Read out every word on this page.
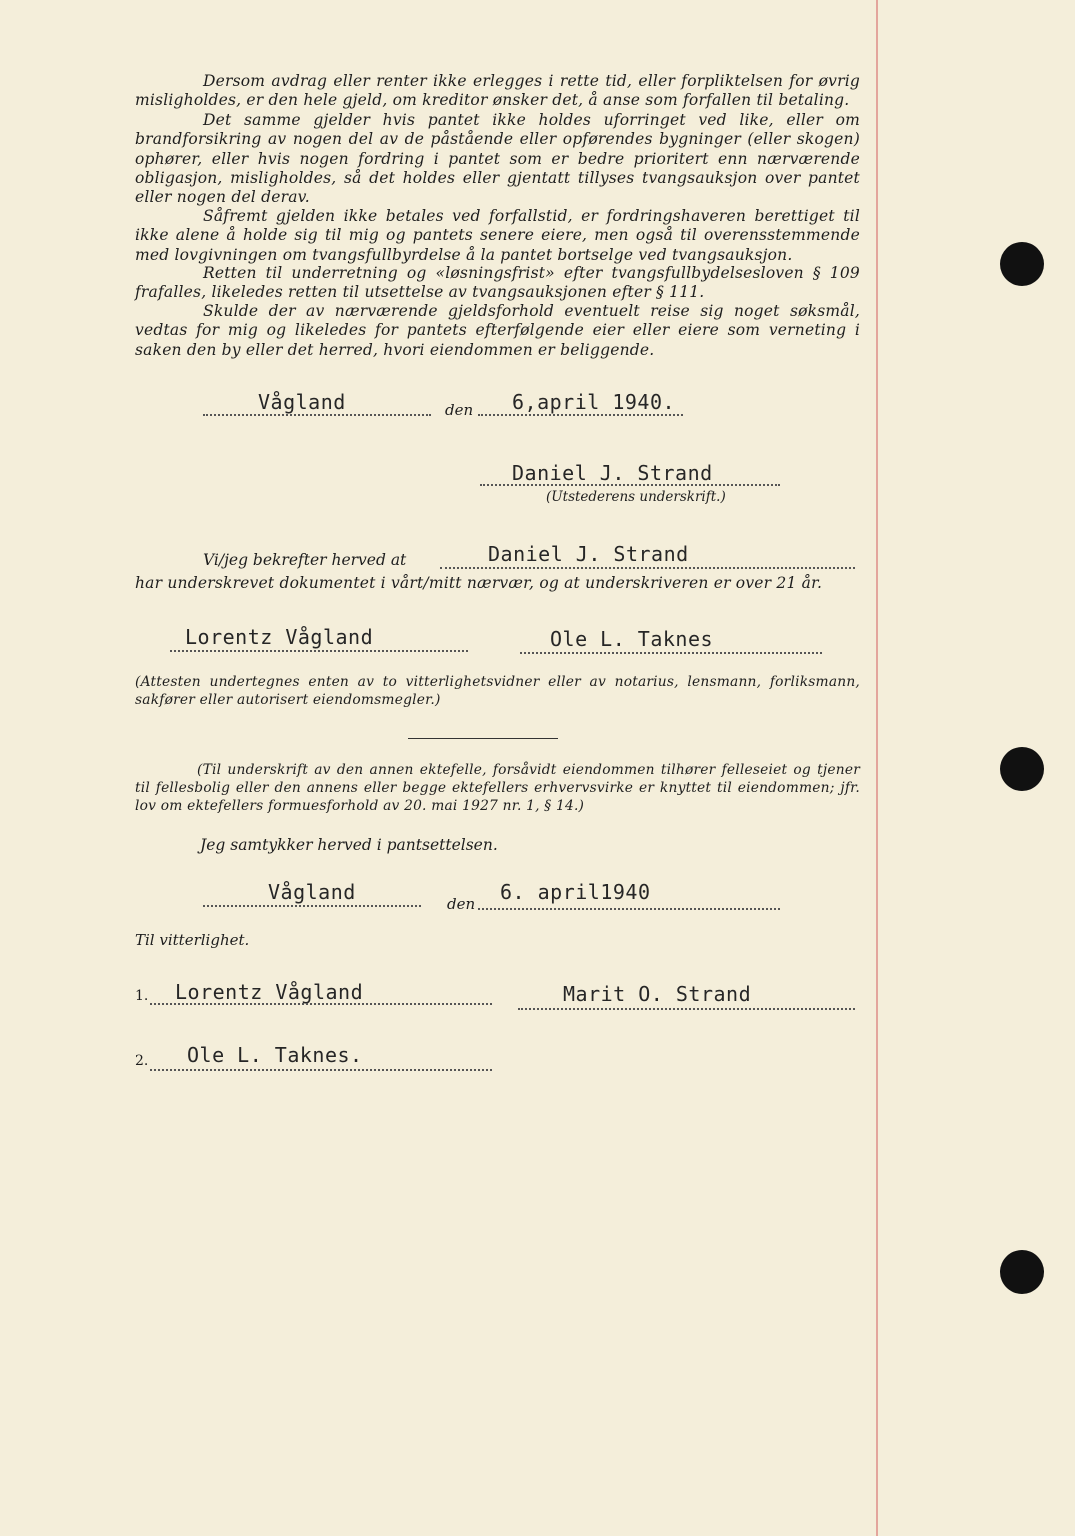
Dersom avdrag eller renter ikke erlegges i rette tid, eller forpliktelsen for øvrig misligholdes, er den hele gjeld, om kreditor ønsker det, å anse som forfallen til betaling.

Det samme gjelder hvis pantet ikke holdes uforringet ved like, eller om brandforsikring av nogen del av de påstående eller opførendes bygninger (eller skogen) ophører, eller hvis nogen fordring i pantet som er bedre prioritert enn nærværende obligasjon, misligholdes, så det holdes eller gjentatt tillyses tvangsauksjon over pantet eller nogen del derav.

Såfremt gjelden ikke betales ved forfallstid, er fordringshaveren berettiget til ikke alene å holde sig til mig og pantets senere eiere, men også til overensstemmende med lovgivningen om tvangsfullbyrdelse å la pantet bortselge ved tvangsauksjon.

Retten til underretning og «løsningsfrist» efter tvangsfullbydelsesloven § 109 frafalles, likeledes retten til utsettelse av tvangsauksjonen efter § 111.

Skulde der av nærværende gjeldsforhold eventuelt reise sig noget søksmål, vedtas for mig og likeledes for pantets efterfølgende eier eller eiere som verneting i saken den by eller det herred, hvori eiendommen er beliggende.

Vågland	den 6,april 1940.
Daniel J. Strand
(Utstederens underskrift.)
Vi/jeg bekrefter herved at	Daniel J. Strand
har underskrevet dokumentet i vårt/mitt nærvær, og at underskriveren er over 21 år.
Lorentz Vågland	Ole L. Taknes

(Attesten undertegnes enten av to vitterlighetsvidner eller av notarius, lensmann, forliksmann, sakfører eller autorisert eiendomsmegler.)

(Til underskrift av den annen ektefelle, forsåvidt eiendommen tilhører felleseiet og tjener til fellesbolig eller den annens eller begge ektefellers erhvervsvirke er knyttet til eiendommen; jfr. lov om ektefellers formuesforhold av 20. mai 1927 nr. 1, § 14.)

Jeg samtykker herved i pantsettelsen.
Vågland	den 6. april1940
Til vitterlighet.
1. Lorentz Vågland	Marit O. Strand
2. Ole L. Taknes.
